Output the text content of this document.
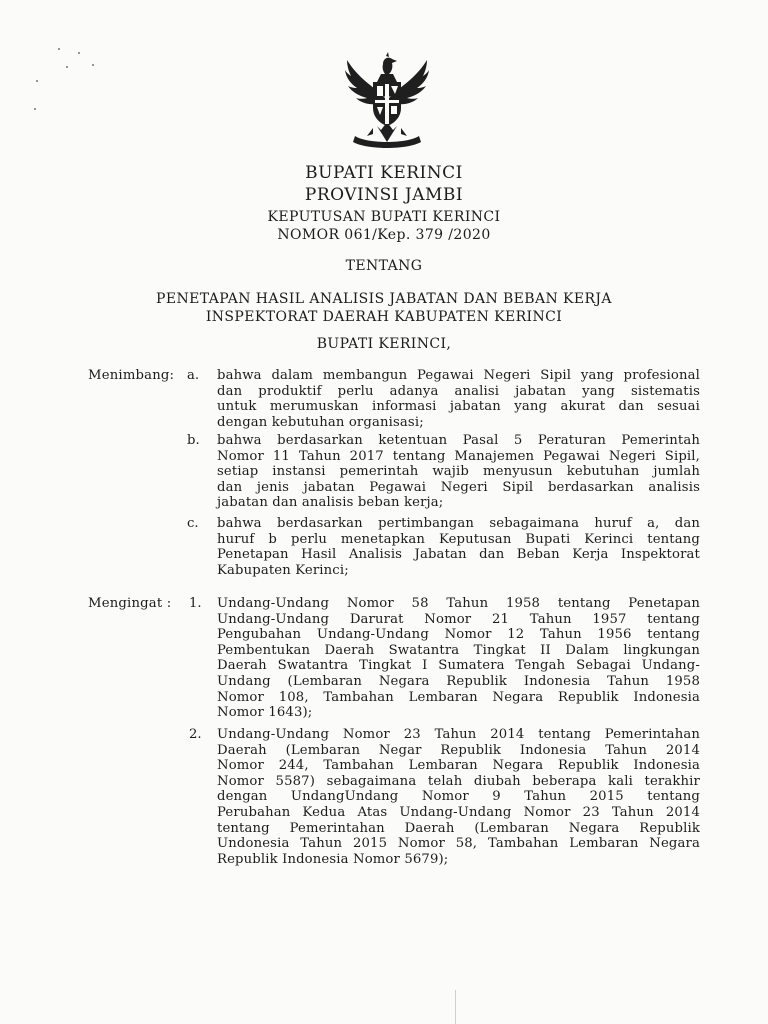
BUPATI KERINCI
PROVINSI JAMBI
KEPUTUSAN BUPATI KERINCI
NOMOR 061/Kep. 379 /2020
TENTANG
PENETAPAN HASIL ANALISIS JABATAN DAN BEBAN KERJA
INSPEKTORAT DAERAH KABUPATEN KERINCI
BUPATI KERINCI,
Menimbang: a. bahwa dalam membangun Pegawai Negeri Sipil yang profesional
dan produktif perlu adanya analisi jabatan yang sistematis
untuk merumuskan informasi jabatan yang akurat dan sesuai
dengan kebutuhan organisasi;
b. bahwa berdasarkan ketentuan Pasal 5 Peraturan Pemerintah
Nomor 11 Tahun 2017 tentang Manajemen Pegawai Negeri Sipil,
setiap instansi pemerintah wajib menyusun kebutuhan jumlah
dan jenis jabatan Pegawai Negeri Sipil berdasarkan analisis
jabatan dan analisis beban kerja;
c. bahwa berdasarkan pertimbangan sebagaimana huruf a, dan
huruf b perlu menetapkan Keputusan Bupati Kerinci tentang
Penetapan Hasil Analisis Jabatan dan Beban Kerja Inspektorat
Kabupaten Kerinci;
Mengingat : 1. Undang-Undang Nomor 58 Tahun 1958 tentang Penetapan
Undang-Undang Darurat Nomor 21 Tahun 1957 tentang
Pengubahan Undang-Undang Nomor 12 Tahun 1956 tentang
Pembentukan Daerah Swatantra Tingkat II Dalam lingkungan
Daerah Swatantra Tingkat I Sumatera Tengah Sebagai Undang-
Undang (Lembaran Negara Republik Indonesia Tahun 1958
Nomor 108, Tambahan Lembaran Negara Republik Indonesia
Nomor 1643);
2. Undang-Undang Nomor 23 Tahun 2014 tentang Pemerintahan
Daerah (Lembaran Negar Republik Indonesia Tahun 2014
Nomor 244, Tambahan Lembaran Negara Republik Indonesia
Nomor 5587) sebagaimana telah diubah beberapa kali terakhir
dengan UndangUndang Nomor 9 Tahun 2015 tentang
Perubahan Kedua Atas Undang-Undang Nomor 23 Tahun 2014
tentang Pemerintahan Daerah (Lembaran Negara Republik
Undonesia Tahun 2015 Nomor 58, Tambahan Lembaran Negara
Republik Indonesia Nomor 5679);
